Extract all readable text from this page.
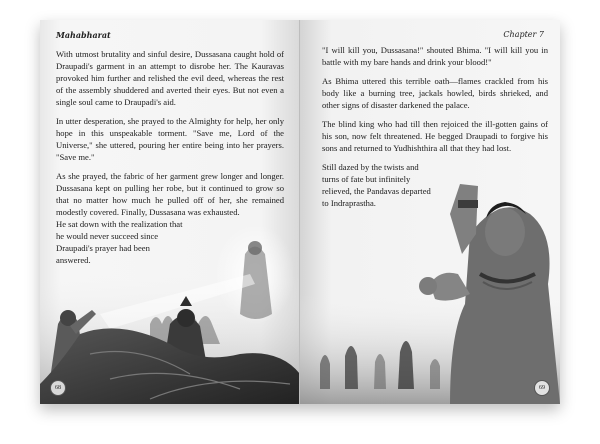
Mahabharat

With utmost brutality and sinful desire, Dussasana caught hold of Draupadi's garment in an attempt to disrobe her. The Kauravas provoked him further and relished the evil deed, whereas the rest of the assembly shuddered and averted their eyes. But not even a single soul came to Draupadi's aid.

In utter desperation, she prayed to the Almighty for help, her only hope in this unspeakable torment. "Save me, Lord of the Universe," she uttered, pouring her entire being into her prayers. "Save me."

As she prayed, the fabric of her garment grew longer and longer. Dussasana kept on pulling her robe, but it continued to grow so that no matter how much he pulled off of her, she remained modestly covered. Finally, Dussasana was exhausted.

He sat down with the realization that
he would never succeed since
Draupadi's prayer had been
answered.
68
Chapter 7

"I will kill you, Dussasana!" shouted Bhima. "I will kill you in battle with my bare hands and drink your blood!"

As Bhima uttered this terrible oath—flames crackled from his body like a burning tree, jackals howled, birds shrieked, and other signs of disaster darkened the palace.

The blind king who had till then rejoiced the ill-gotten gains of his son, now felt threatened. He begged Draupadi to forgive his sons and returned to Yudhishthira all that they had lost.

Still dazed by the twists and turns of fate but infinitely relieved, the Pandavas departed to Indraprastha.

69
